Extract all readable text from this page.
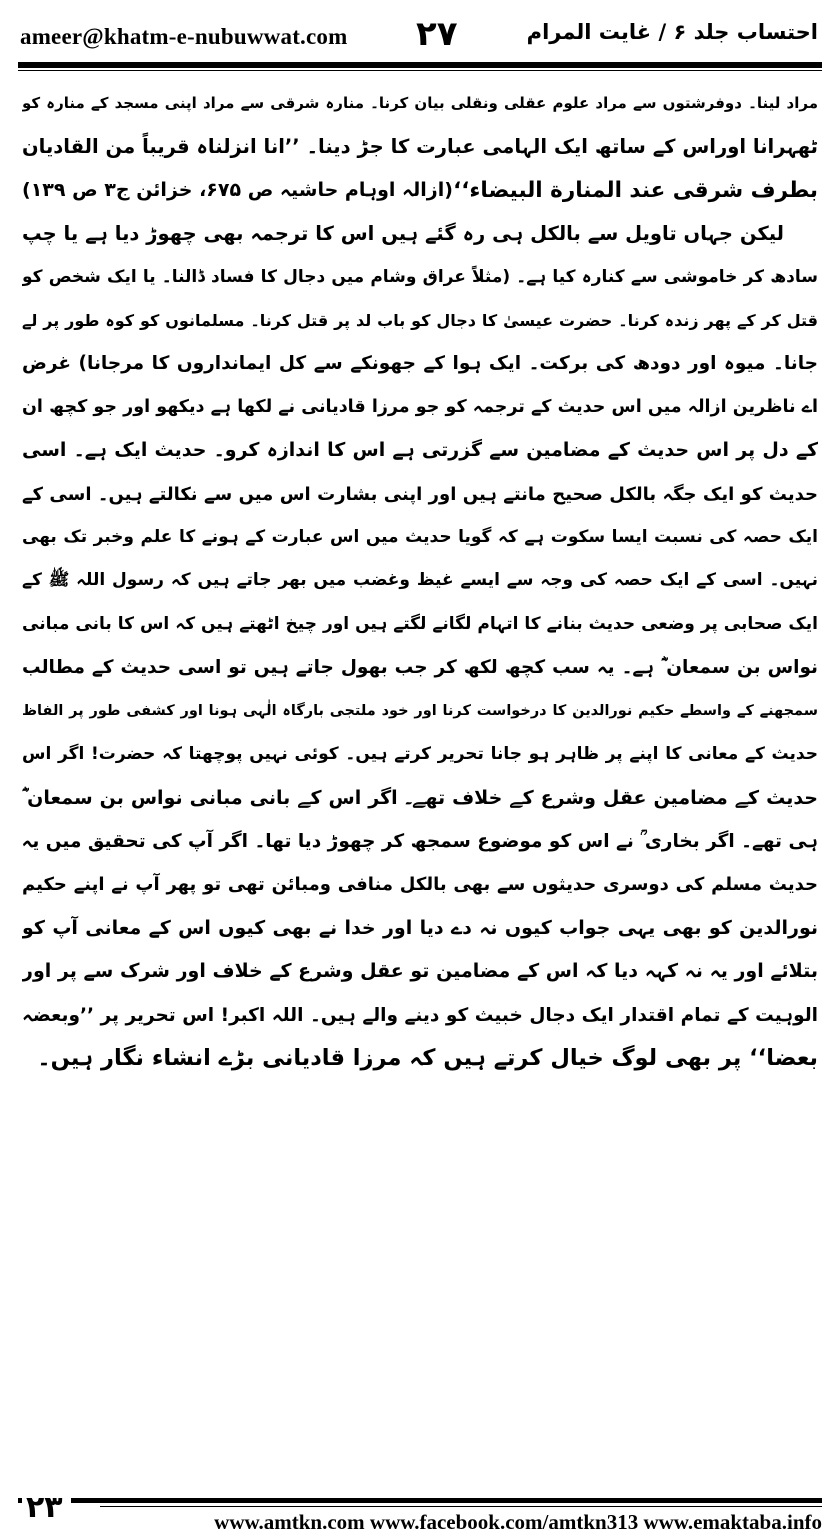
ameer@khatm-e-nubuwwat.com ۲۷	احتساب جلد ۶ / غایت المرام
مراد لینا۔ دوفرشتوں سے مراد علوم عقلی ونقلی بیان کرنا۔ منارہ شرقی سے مراد اپنی مسجد کے منارہ کو
ٹھہرانا اوراس کے ساتھ ایک الہامی عبارت کا جڑ دینا۔ ’’انا انزلناہ قریباً من القادیان
بطرف شرقی عند المنارة البیضاء‘‘
(ازالہ اوہام حاشیہ ص ۶۷۵، خزائن ج۳ ص ۱۳۹)
لیکن جہاں تاویل سے بالکل ہی رہ گئے ہیں اس کا ترجمہ بھی چھوڑ دیا ہے یا چپ
سادھ کر خاموشی سے کنارہ کیا ہے۔ (مثلاً عراق وشام میں دجال کا فساد ڈالنا۔ یا ایک شخص کو
قتل کر کے پھر زندہ کرنا۔ حضرت عیسیٰ کا دجال کو باب لد پر قتل کرنا۔ مسلمانوں کو کوہ طور پر لے
جانا۔ میوہ اور دودھ کی برکت۔ ایک ہوا کے جھونکے سے کل ایمانداروں کا مرجانا) غرض
اے ناظرین ازالہ میں اس حدیث کے ترجمہ کو جو مرزا قادیانی نے لکھا ہے دیکھو اور جو کچھ ان
کے دل پر اس حدیث کے مضامین سے گزرتی ہے اس کا اندازہ کرو۔ حدیث ایک ہے۔ اسی
حدیث کو ایک جگہ بالکل صحیح مانتے ہیں اور اپنی بشارت اس میں سے نکالتے ہیں۔ اسی کے
ایک حصہ کی نسبت ایسا سکوت ہے کہ گویا حدیث میں اس عبارت کے ہونے کا علم وخبر تک بھی
نہیں۔ اسی کے ایک حصہ کی وجہ سے ایسے غیظ وغضب میں بھر جاتے ہیں کہ رسول اللہ ﷺ کے
ایک صحابی پر وضعی حدیث بنانے کا اتہام لگانے لگتے ہیں اور چیخ اٹھتے ہیں کہ اس کا بانی مبانی
نواس بن سمعان ؓ ہے۔ یہ سب کچھ لکھ کر جب بھول جاتے ہیں تو اسی حدیث کے مطالب
سمجھنے کے واسطے حکیم نورالدین کا درخواست کرنا اور خود ملتجی بارگاہ الٰہی ہونا اور کشفی طور پر الفاظ
حدیث کے معانی کا اپنے پر ظاہر ہو جانا تحریر کرتے ہیں۔ کوئی نہیں پوچھتا کہ حضرت! اگر اس
حدیث کے مضامین عقل وشرع کے خلاف تھے۔ اگر اس کے بانی مبانی نواس بن سمعان ؓ
ہی تھے۔ اگر بخاری ؒ نے اس کو موضوع سمجھ کر چھوڑ دیا تھا۔ اگر آپ کی تحقیق میں یہ
حدیث مسلم کی دوسری حدیثوں سے بھی بالکل منافی ومبائن تھی تو پھر آپ نے اپنے حکیم
نورالدین کو بھی یہی جواب کیوں نہ دے دیا اور خدا نے بھی کیوں اس کے معانی آپ کو
بتلائے اور یہ نہ کہہ دیا کہ اس کے مضامین تو عقل وشرع کے خلاف اور شرک سے پر اور
الوہیت کے تمام اقتدار ایک دجال خبیث کو دینے والے ہیں۔ اللہ اکبر! اس تحریر پر ’’وبعضہ
بعضا‘‘ پر بھی لوگ خیال کرتے ہیں کہ مرزا قادیانی بڑے انشاء نگار ہیں۔
۲۳	www.amtkn.com www.facebook.com/amtkn313 www.emaktaba.info
